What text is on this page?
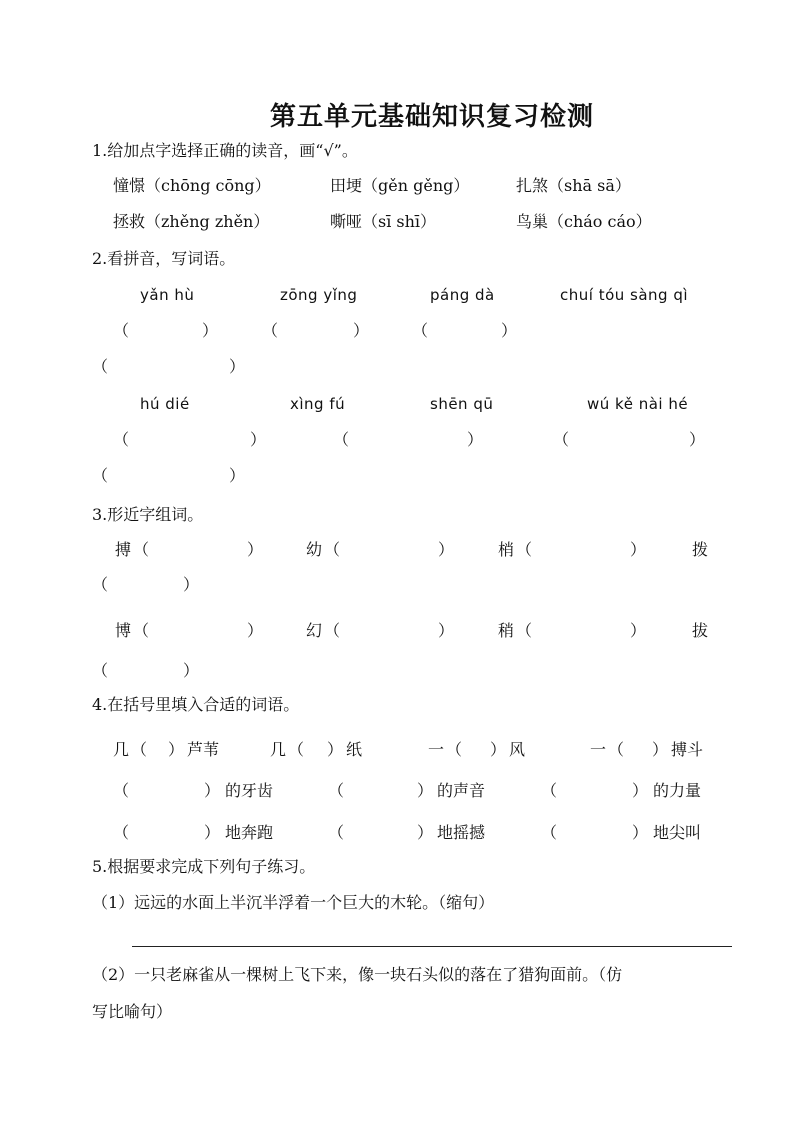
第五单元基础知识复习检测
1.给加点字选择正确的读音，画“√”。
憧憬（chōng cōng）	田埂（gěn gěng）	扎煞（shā sā）
拯救（zhěng zhěn）	嘶哑（sī shī）	鸟巢（cháo cáo）
2.看拼音，写词语。
yǎn hù	zōng yǐng	páng dà	chuí tóu sàng qì
（	）	（	）	（	）
（	）
hú dié	xìng fú	shēn qū	wú kě nài hé
（	）	（	）	（	）
（	）
3.形近字组词。
搏 （	）	幼 （	）	梢 （	）	拨
（	）
博 （	）	幻 （	）	稍 （	）	拔
（	）
4.在括号里填入合适的词语。
几 （ ） 芦苇	几 （ ） 纸	一 （ ） 风	一 （ ） 搏斗
（	） 的牙齿	（	） 的声音	（	） 的力量
（	） 地奔跑	（	） 地摇撼	（	） 地尖叫
5.根据要求完成下列句子练习。
（1）远远的水面上半沉半浮着一个巨大的木轮。（缩句）
（2）一只老麻雀从一棵树上飞下来，像一块石头似的落在了猎狗面前。（仿
写比喻句）
